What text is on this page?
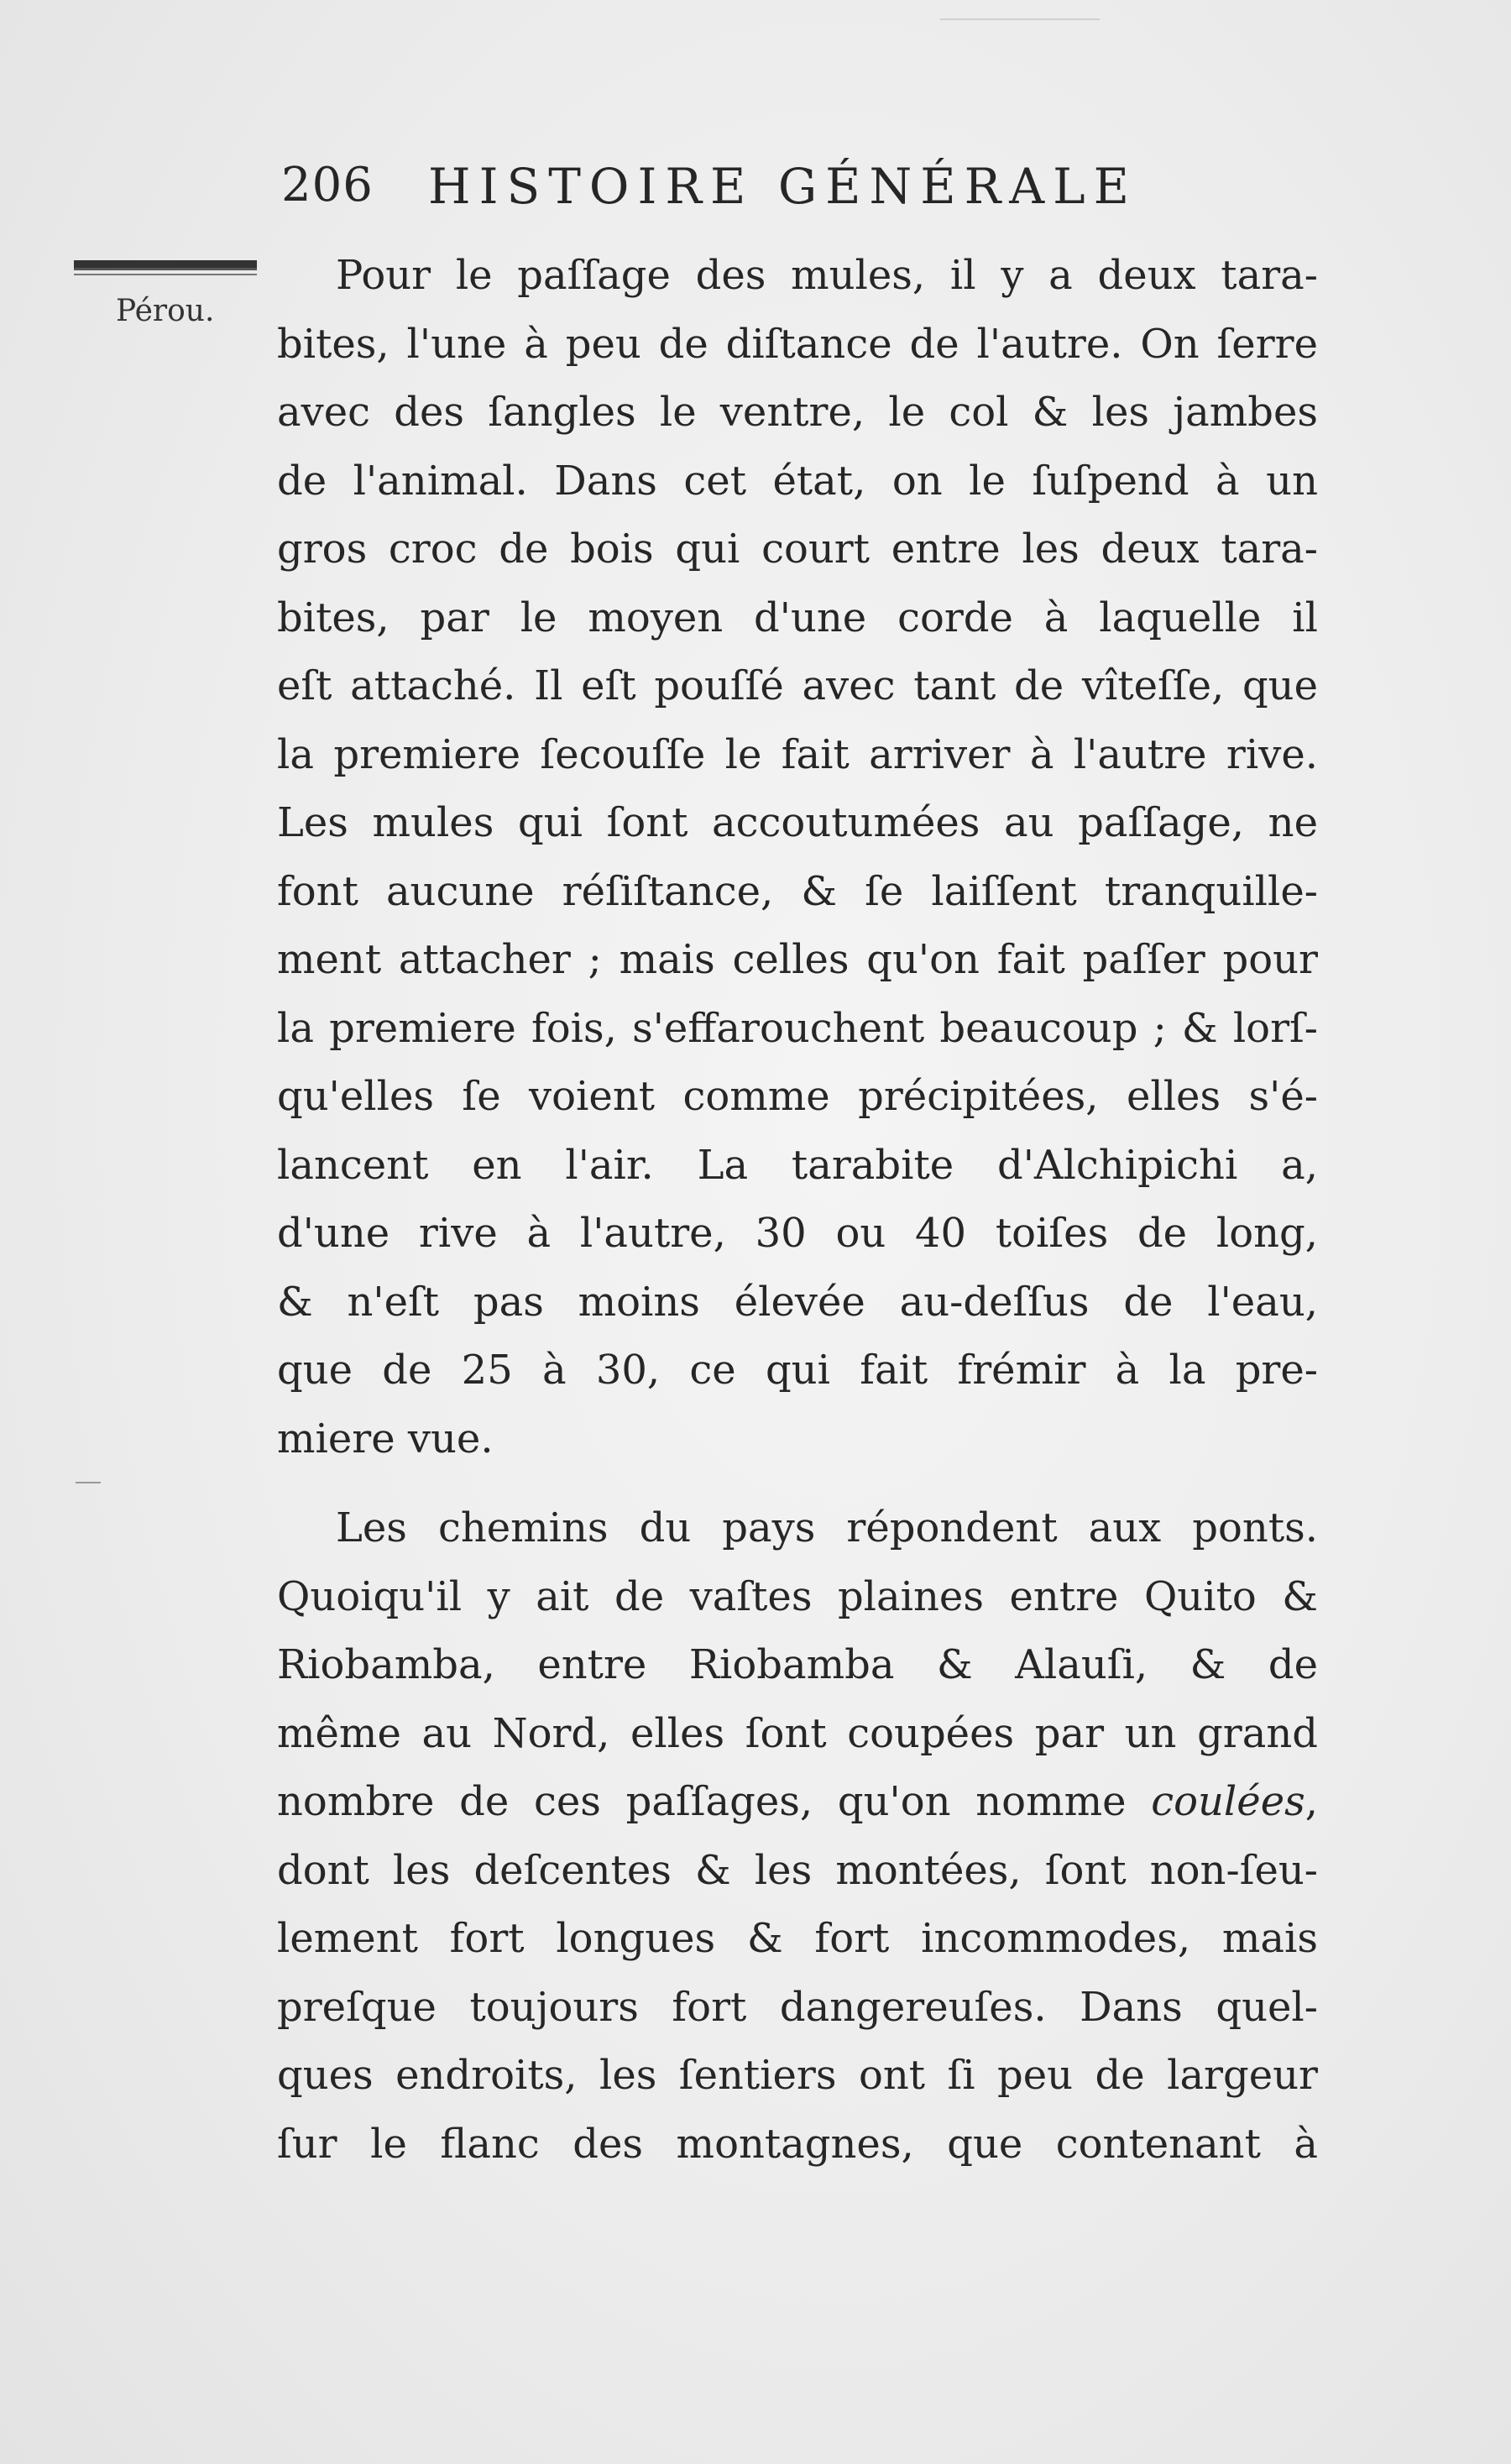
206 HISTOIRE GÉNÉRALE
Pérou.

Pour le paſſage des mules, il y a deux tara-

bites, l'une à peu de diſtance de l'autre. On ſerre

avec des ſangles le ventre, le col & les jambes

de l'animal. Dans cet état, on le ſuſpend à un

gros croc de bois qui court entre les deux tara-

bites, par le moyen d'une corde à laquelle il

eſt attaché. Il eſt pouſſé avec tant de vîteſſe, que

la premiere ſecouſſe le fait arriver à l'autre rive.

Les mules qui ſont accoutumées au paſſage, ne

font aucune réſiſtance, & ſe laiſſent tranquille-

ment attacher ; mais celles qu'on fait paſſer pour

la premiere fois, s'effarouchent beaucoup ; & lorſ-

qu'elles ſe voient comme précipitées, elles s'é-

lancent en l'air. La tarabite d'Alchipichi a,

d'une rive à l'autre, 30 ou 40 toiſes de long,

& n'eſt pas moins élevée au-deſſus de l'eau,

que de 25 à 30, ce qui fait frémir à la pre-

miere vue.

Les chemins du pays répondent aux ponts.

Quoiqu'il y ait de vaſtes plaines entre Quito &

Riobamba, entre Riobamba & Alauſi, & de

même au Nord, elles ſont coupées par un grand

nombre de ces paſſages, qu'on nomme coulées,

dont les deſcentes & les montées, ſont non-ſeu-

lement fort longues & fort incommodes, mais

preſque toujours fort dangereuſes. Dans quel-

ques endroits, les ſentiers ont ſi peu de largeur

ſur le flanc des montagnes, que contenant à
